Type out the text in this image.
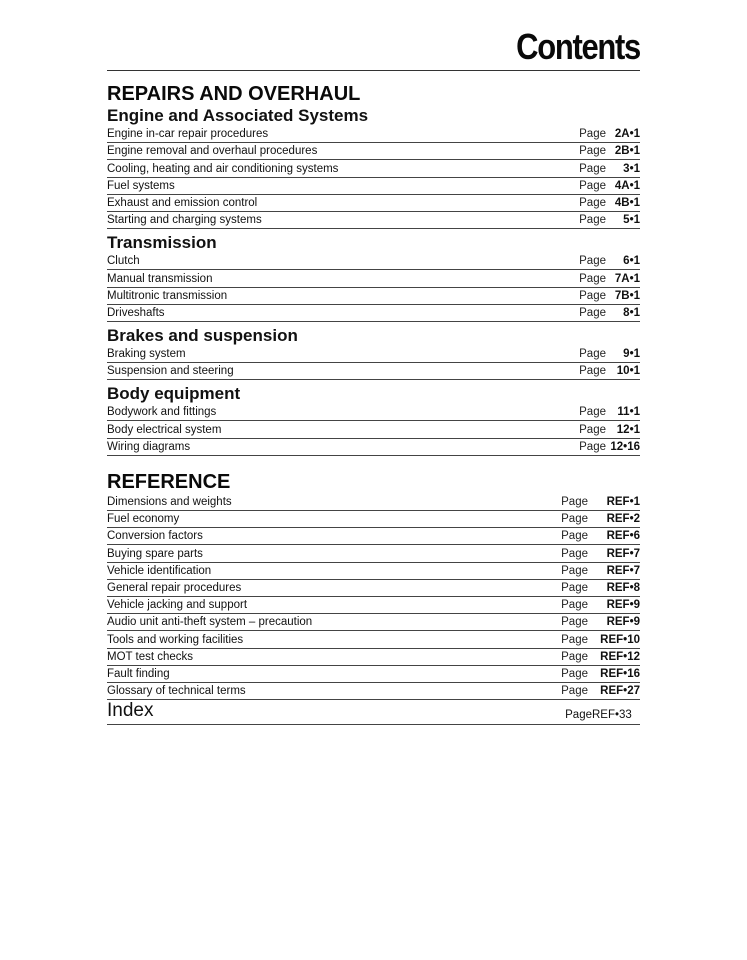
Contents
REPAIRS AND OVERHAUL
Engine and Associated Systems
Engine in-car repair procedures	Page 2A•1
Engine removal and overhaul procedures	Page 2B•1
Cooling, heating and air conditioning systems	Page	3•1
Fuel systems	Page 4A•1
Exhaust and emission control	Page 4B•1
Starting and charging systems	Page	5•1
Transmission
Clutch	Page	6•1
Manual transmission	Page 7A•1
Multitronic transmission	Page 7B•1
Driveshafts	Page	8•1
Brakes and suspension
Braking system	Page	9•1
Suspension and steering	Page 10•1
Body equipment
Bodywork and fittings	Page 11•1
Body electrical system	Page 12•1
Wiring diagrams	Page 12•16
REFERENCE
Dimensions and weights	Page	REF•1
Fuel economy	Page	REF•2
Conversion factors	Page	REF•6
Buying spare parts	Page	REF•7
Vehicle identification	Page	REF•7
General repair procedures	Page	REF•8
Vehicle jacking and support	Page	REF•9
Audio unit anti-theft system – precaution	Page	REF•9
Tools and working facilities	Page	REF•10
MOT test checks	Page	REF•12
Fault finding	Page	REF•16
Glossary of technical terms	Page	REF•27
Index	Page REF•33
